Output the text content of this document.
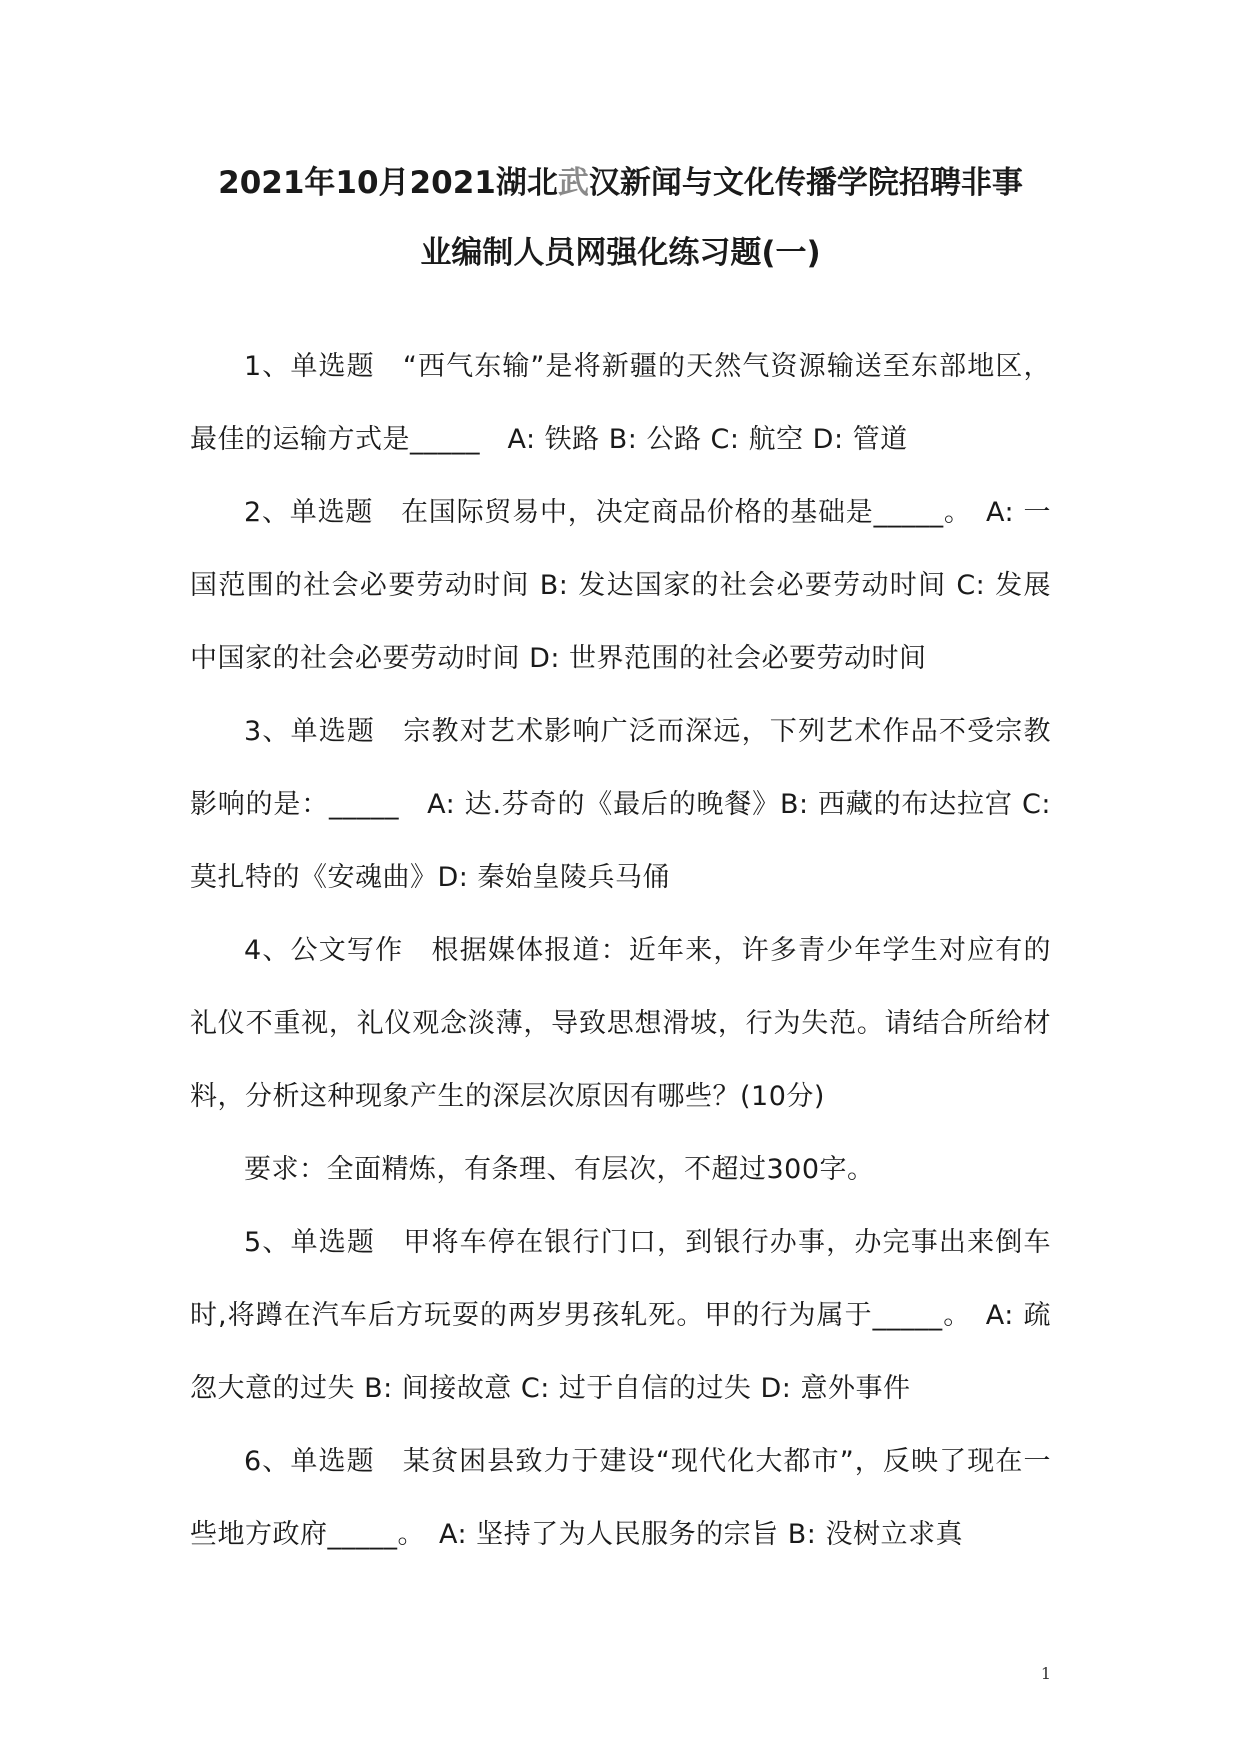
2021年10月2021湖北武汉新闻与文化传播学院招聘非事
业编制人员网强化练习题(一)

1、单选题　“西气东输”是将新疆的天然气资源输送至东部地区，最佳的运输方式是_____　A: 铁路 B: 公路 C: 航空 D: 管道

2、单选题　在国际贸易中，决定商品价格的基础是_____。　A: 一国范围的社会必要劳动时间 B: 发达国家的社会必要劳动时间 C: 发展中国家的社会必要劳动时间 D: 世界范围的社会必要劳动时间

3、单选题　宗教对艺术影响广泛而深远，下列艺术作品不受宗教影响的是：_____　A: 达.芬奇的《最后的晚餐》B: 西藏的布达拉宫 C: 莫扎特的《安魂曲》D: 秦始皇陵兵马俑

4、公文写作　根据媒体报道：近年来，许多青少年学生对应有的礼仪不重视，礼仪观念淡薄，导致思想滑坡，行为失范。请结合所给材料，分析这种现象产生的深层次原因有哪些？(10分)

要求：全面精炼，有条理、有层次，不超过300字。

5、单选题　甲将车停在银行门口，到银行办事，办完事出来倒车时,将蹲在汽车后方玩耍的两岁男孩轧死。甲的行为属于_____。　A: 疏忽大意的过失 B: 间接故意 C: 过于自信的过失 D: 意外事件

6、单选题　某贫困县致力于建设“现代化大都市”，反映了现在一些地方政府_____。　A: 坚持了为人民服务的宗旨 B: 没树立求真

1
